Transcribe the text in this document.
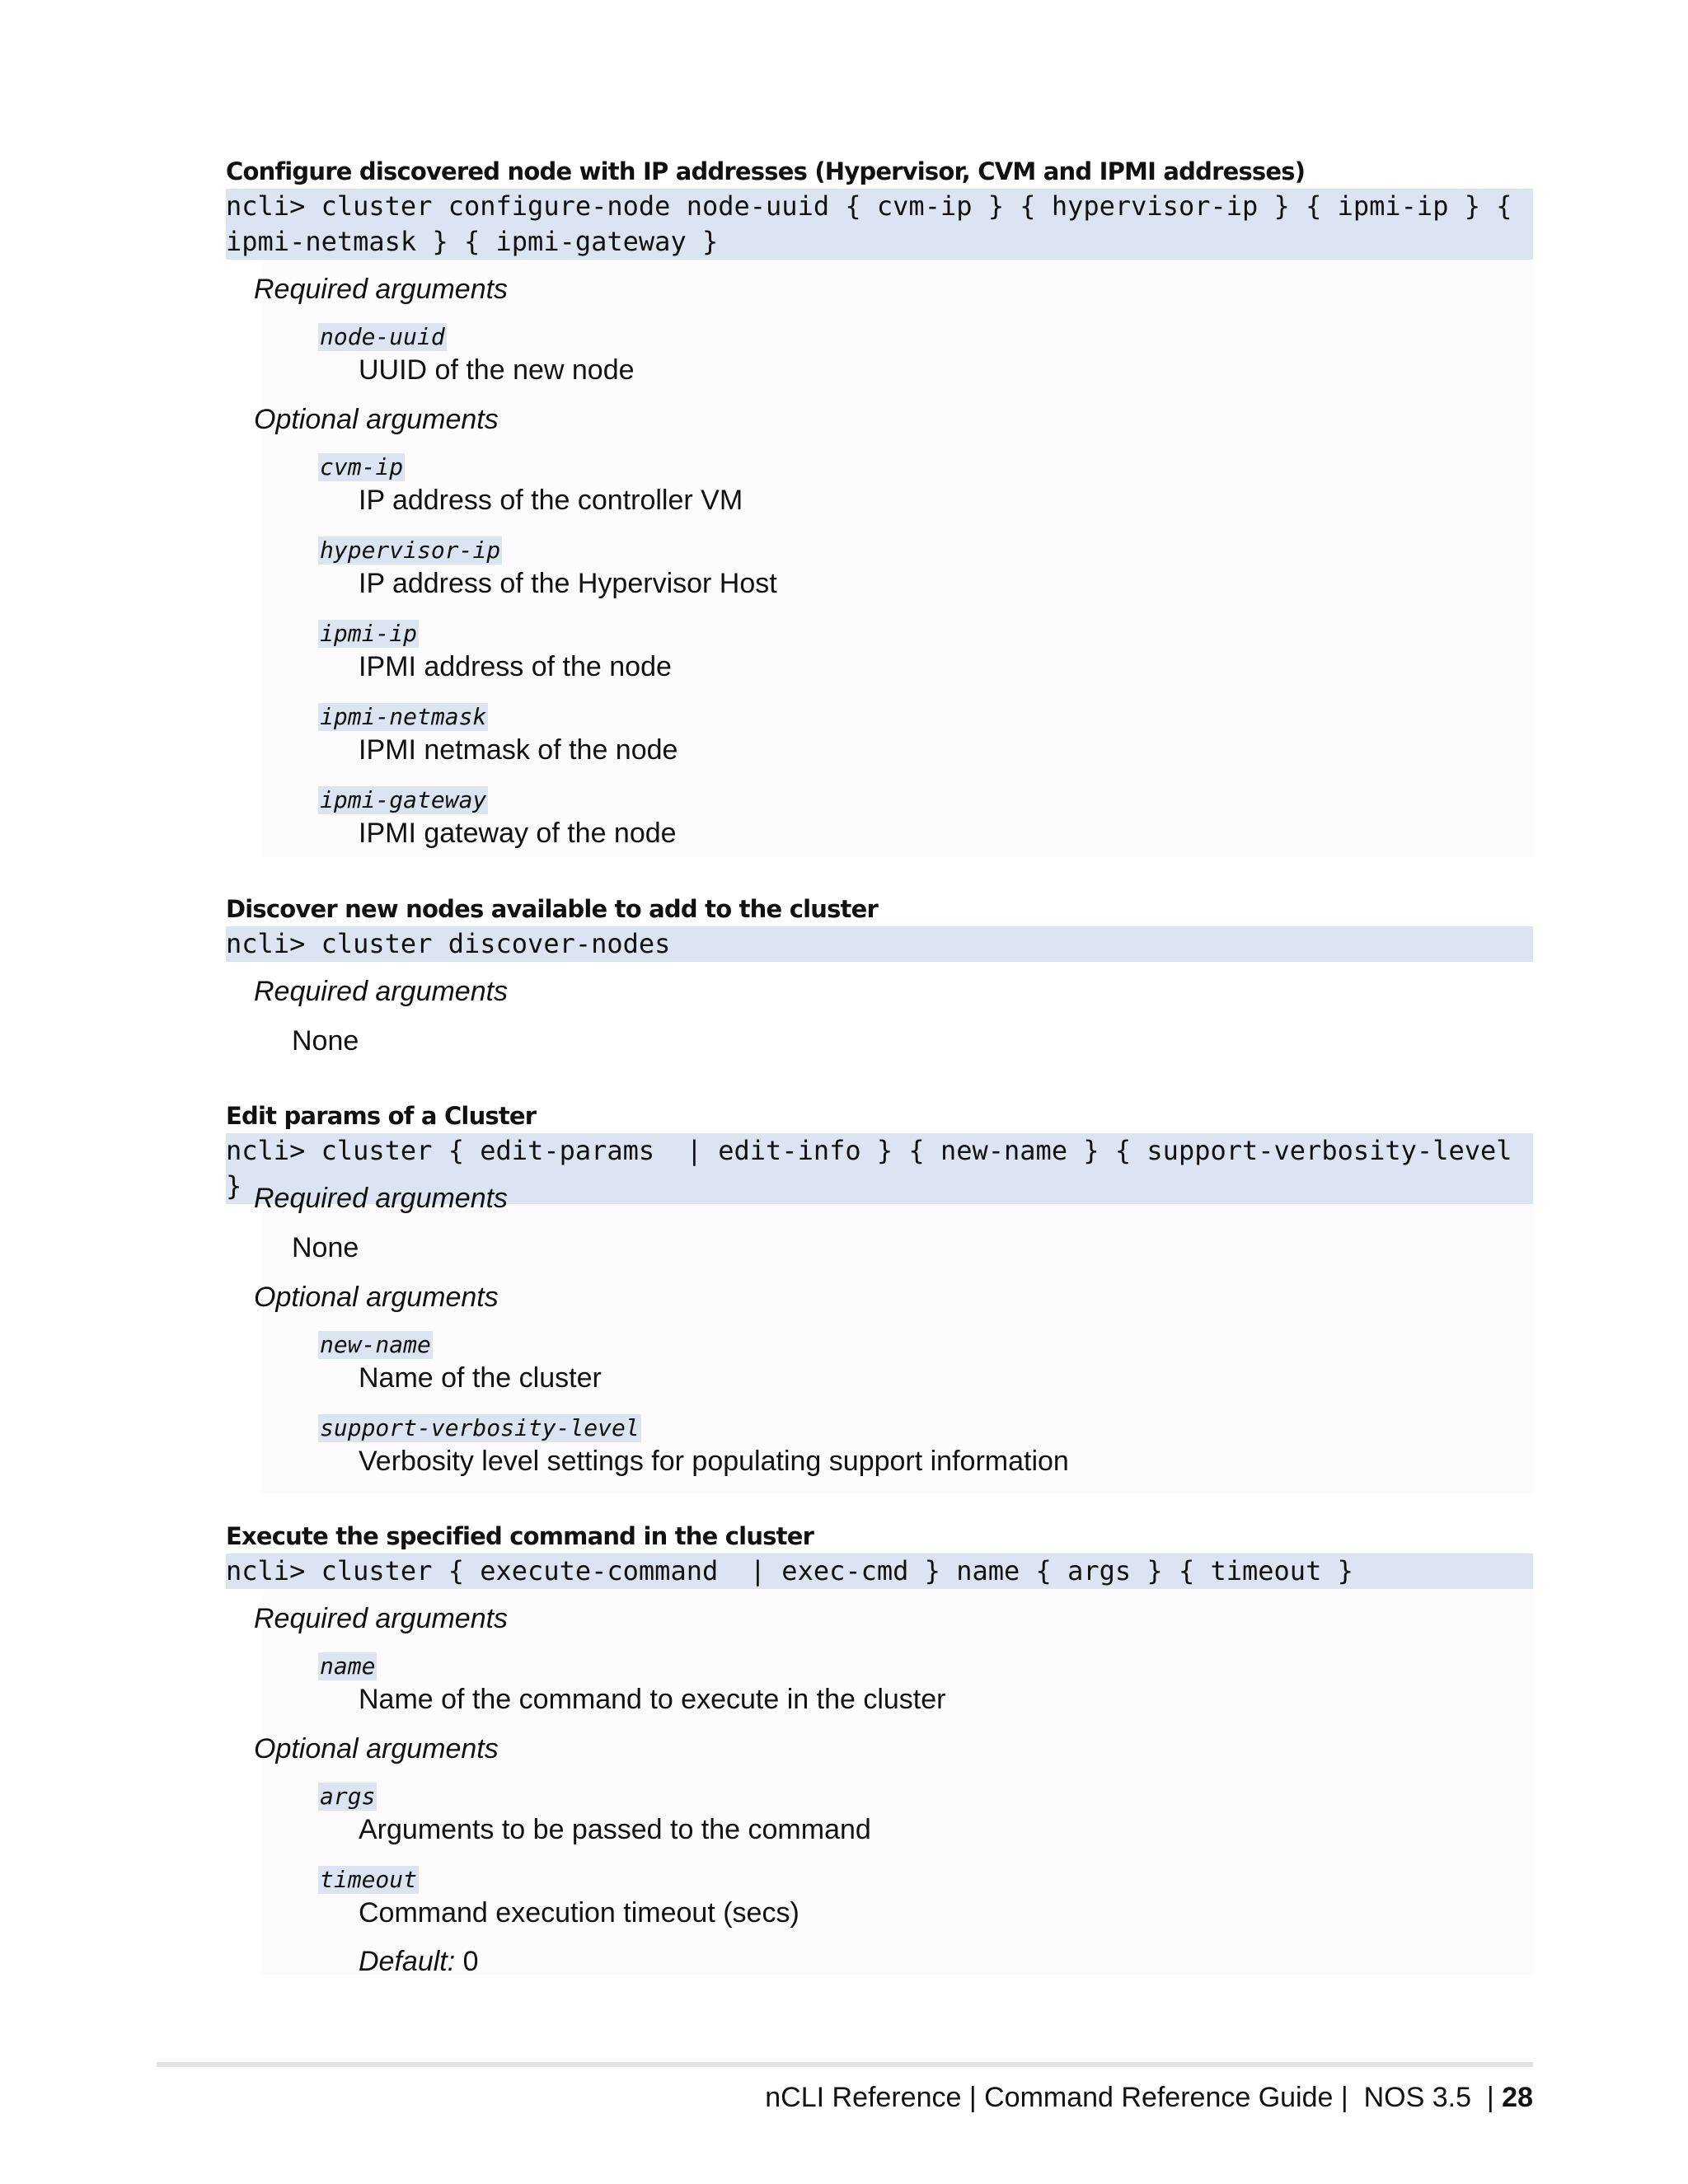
Configure discovered node with IP addresses (Hypervisor, CVM and IPMI addresses)
ncli> cluster configure-node node-uuid { cvm-ip } { hypervisor-ip } { ipmi-ip } { ipmi-netmask } { ipmi-gateway }
Required arguments
node-uuid
UUID of the new node
Optional arguments
cvm-ip
IP address of the controller VM
hypervisor-ip
IP address of the Hypervisor Host
ipmi-ip
IPMI address of the node
ipmi-netmask
IPMI netmask of the node
ipmi-gateway
IPMI gateway of the node
Discover new nodes available to add to the cluster
ncli> cluster discover-nodes
Required arguments
None
Edit params of a Cluster
ncli> cluster { edit-params  | edit-info } { new-name } { support-verbosity-level } Required arguments
None
Optional arguments
new-name
Name of the cluster
support-verbosity-level
Verbosity level settings for populating support information
Execute the specified command in the cluster
ncli> cluster { execute-command  | exec-cmd } name { args } { timeout }
Required arguments
name
Name of the command to execute in the cluster
Optional arguments
args
Arguments to be passed to the command
timeout
Command execution timeout (secs)
Default: 0
nCLI Reference | Command Reference Guide |  NOS 3.5  | 28
